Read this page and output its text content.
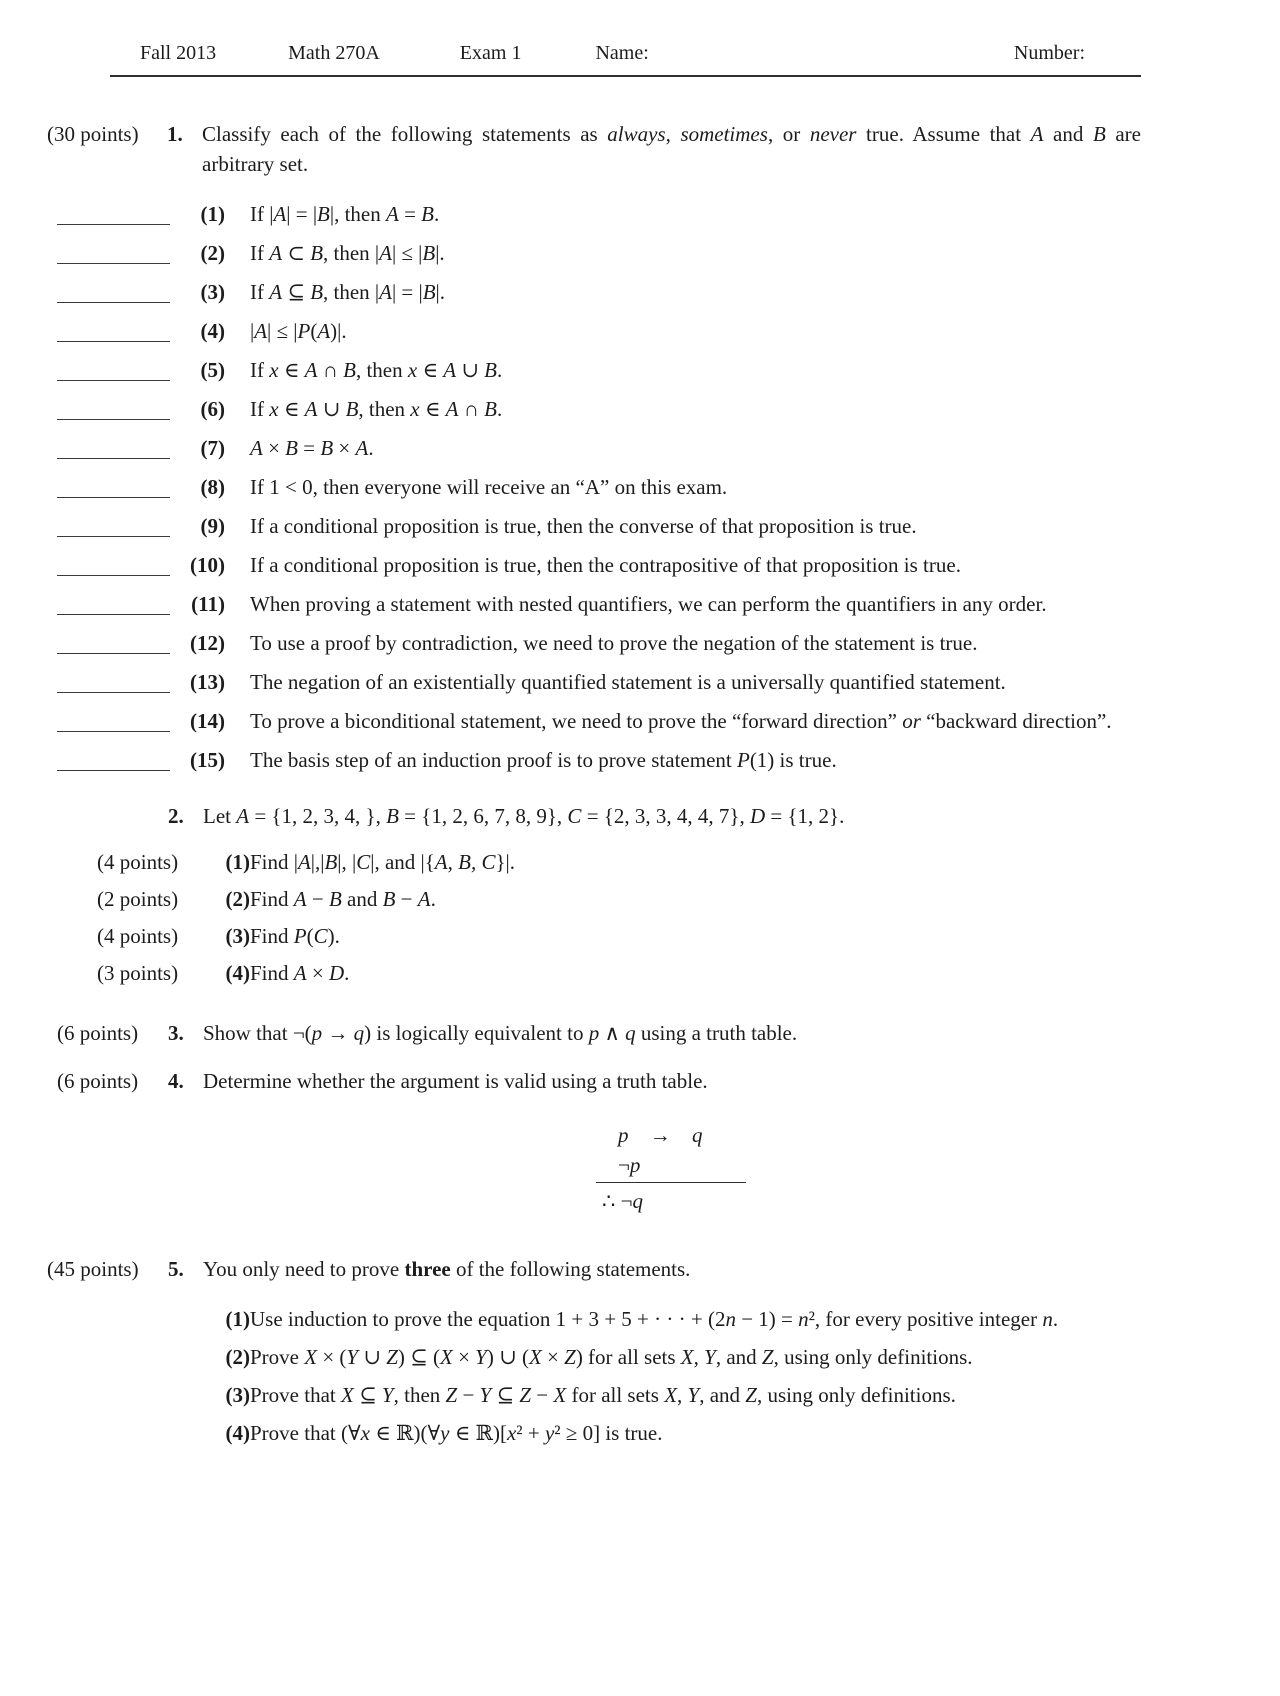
Fall 2013	Math 270A	Exam 1	Name:	Number:
(30 points)	1. Classify each of the following statements as always, sometimes, or never true. Assume that A and B are arbitrary set.
(1)	If |A| = |B|, then A = B.
(2)	If A ⊂ B, then |A| ≤ |B|.
(3)	If A ⊆ B, then |A| = |B|.
(4)	|A| ≤ |P(A)|.
(5)	If x ∈ A ∩ B, then x ∈ A ∪ B.
(6)	If x ∈ A ∪ B, then x ∈ A ∩ B.
(7)	A × B = B × A.
(8)	If 1 < 0, then everyone will receive an “A” on this exam.
(9)	If a conditional proposition is true, then the converse of that proposition is true.
(10)	If a conditional proposition is true, then the contrapositive of that proposition is true.
(11)	When proving a statement with nested quantifiers, we can perform the quantifiers in any order.
(12)	To use a proof by contradiction, we need to prove the negation of the statement is true.
(13)	The negation of an existentially quantified statement is a universally quantified statement.
(14)	To prove a biconditional statement, we need to prove the “forward direction” or “backward direction”.
(15)	The basis step of an induction proof is to prove statement P(1) is true.
2. Let A = {1, 2, 3, 4, }, B = {1, 2, 6, 7, 8, 9}, C = {2, 3, 3, 4, 4, 7}, D = {1, 2}.
(4 points)	(1) Find |A|,|B|, |C|, and |{A, B, C}|.
(2 points)	(2) Find A − B and B − A.
(4 points)	(3) Find P(C).
(3 points)	(4) Find A × D.
(6 points)	3. Show that ¬(p → q) is logically equivalent to p ∧ q using a truth table.
(6 points)	4. Determine whether the argument is valid using a truth table.
p → q
¬p
∴ ¬q
(45 points)	5. You only need to prove three of the following statements.
(1) Use induction to prove the equation 1 + 3 + 5 + · · · + (2n − 1) = n², for every positive integer n.
(2) Prove X × (Y ∪ Z) ⊆ (X × Y) ∪ (X × Z) for all sets X, Y, and Z, using only definitions.
(3) Prove that X ⊆ Y, then Z − Y ⊆ Z − X for all sets X, Y, and Z, using only definitions.
(4) Prove that (∀x ∈ ℝ)(∀y ∈ ℝ)[x² + y² ≥ 0] is true.
